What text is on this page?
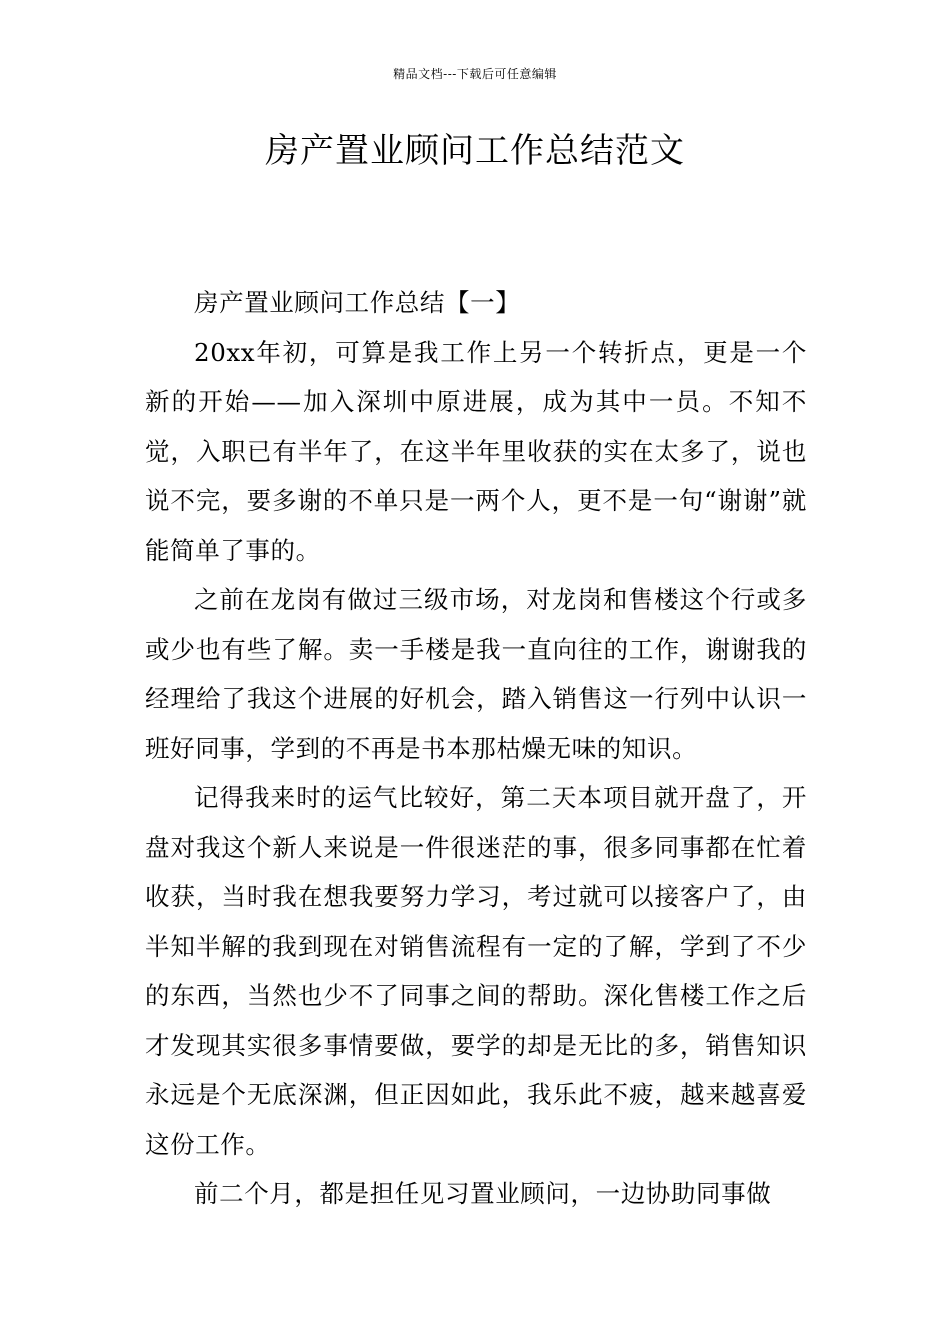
精品文档---下载后可任意编辑
房产置业顾问工作总结范文

房产置业顾问工作总结【一】

20xx年初，可算是我工作上另一个转折点，更是一个新的开始——加入深圳中原进展，成为其中一员。不知不觉，入职已有半年了，在这半年里收获的实在太多了，说也说不完，要多谢的不单只是一两个人，更不是一句“谢谢”就能简单了事的。

之前在龙岗有做过三级市场，对龙岗和售楼这个行或多或少也有些了解。卖一手楼是我一直向往的工作，谢谢我的经理给了我这个进展的好机会，踏入销售这一行列中认识一班好同事，学到的不再是书本那枯燥无味的知识。

记得我来时的运气比较好，第二天本项目就开盘了，开盘对我这个新人来说是一件很迷茫的事，很多同事都在忙着收获，当时我在想我要努力学习，考过就可以接客户了，由半知半解的我到现在对销售流程有一定的了解，学到了不少的东西，当然也少不了同事之间的帮助。深化售楼工作之后才发现其实很多事情要做，要学的却是无比的多，销售知识永远是个无底深渊，但正因如此，我乐此不疲，越来越喜爱这份工作。

前二个月，都是担任见习置业顾问，一边协助同事做
